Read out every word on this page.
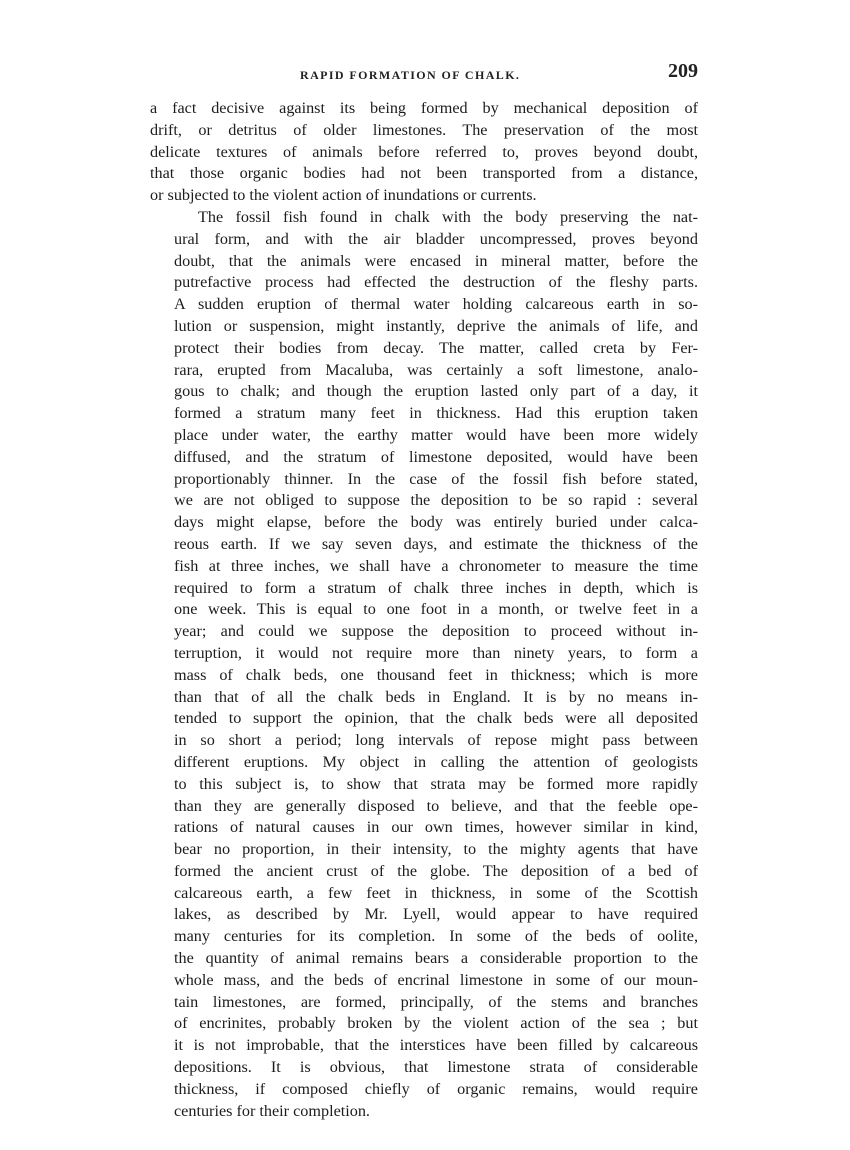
RAPID FORMATION OF CHALK.	209
a fact decisive against its being formed by mechanical deposition of
drift, or detritus of older limestones. The preservation of the most
delicate textures of animals before referred to, proves beyond doubt,
that those organic bodies had not been transported from a distance,
or subjected to the violent action of inundations or currents.
The fossil fish found in chalk with the body preserving the nat-
ural form, and with the air bladder uncompressed, proves beyond
doubt, that the animals were encased in mineral matter, before the
putrefactive process had effected the destruction of the fleshy parts.
A sudden eruption of thermal water holding calcareous earth in so-
lution or suspension, might instantly, deprive the animals of life, and
protect their bodies from decay. The matter, called creta by Fer-
rara, erupted from Macaluba, was certainly a soft limestone, analo-
gous to chalk; and though the eruption lasted only part of a day, it
formed a stratum many feet in thickness. Had this eruption taken
place under water, the earthy matter would have been more widely
diffused, and the stratum of limestone deposited, would have been
proportionably thinner. In the case of the fossil fish before stated,
we are not obliged to suppose the deposition to be so rapid : several
days might elapse, before the body was entirely buried under calca-
reous earth. If we say seven days, and estimate the thickness of the
fish at three inches, we shall have a chronometer to measure the time
required to form a stratum of chalk three inches in depth, which is
one week. This is equal to one foot in a month, or twelve feet in a
year; and could we suppose the deposition to proceed without in-
terruption, it would not require more than ninety years, to form a
mass of chalk beds, one thousand feet in thickness; which is more
than that of all the chalk beds in England. It is by no means in-
tended to support the opinion, that the chalk beds were all deposited
in so short a period; long intervals of repose might pass between
different eruptions. My object in calling the attention of geologists
to this subject is, to show that strata may be formed more rapidly
than they are generally disposed to believe, and that the feeble ope-
rations of natural causes in our own times, however similar in kind,
bear no proportion, in their intensity, to the mighty agents that have
formed the ancient crust of the globe. The deposition of a bed of
calcareous earth, a few feet in thickness, in some of the Scottish
lakes, as described by Mr. Lyell, would appear to have required
many centuries for its completion. In some of the beds of oolite,
the quantity of animal remains bears a considerable proportion to the
whole mass, and the beds of encrinal limestone in some of our moun-
tain limestones, are formed, principally, of the stems and branches
of encrinites, probably broken by the violent action of the sea ; but
it is not improbable, that the interstices have been filled by calcareous
depositions. It is obvious, that limestone strata of considerable
thickness, if composed chiefly of organic remains, would require
centuries for their completion.
